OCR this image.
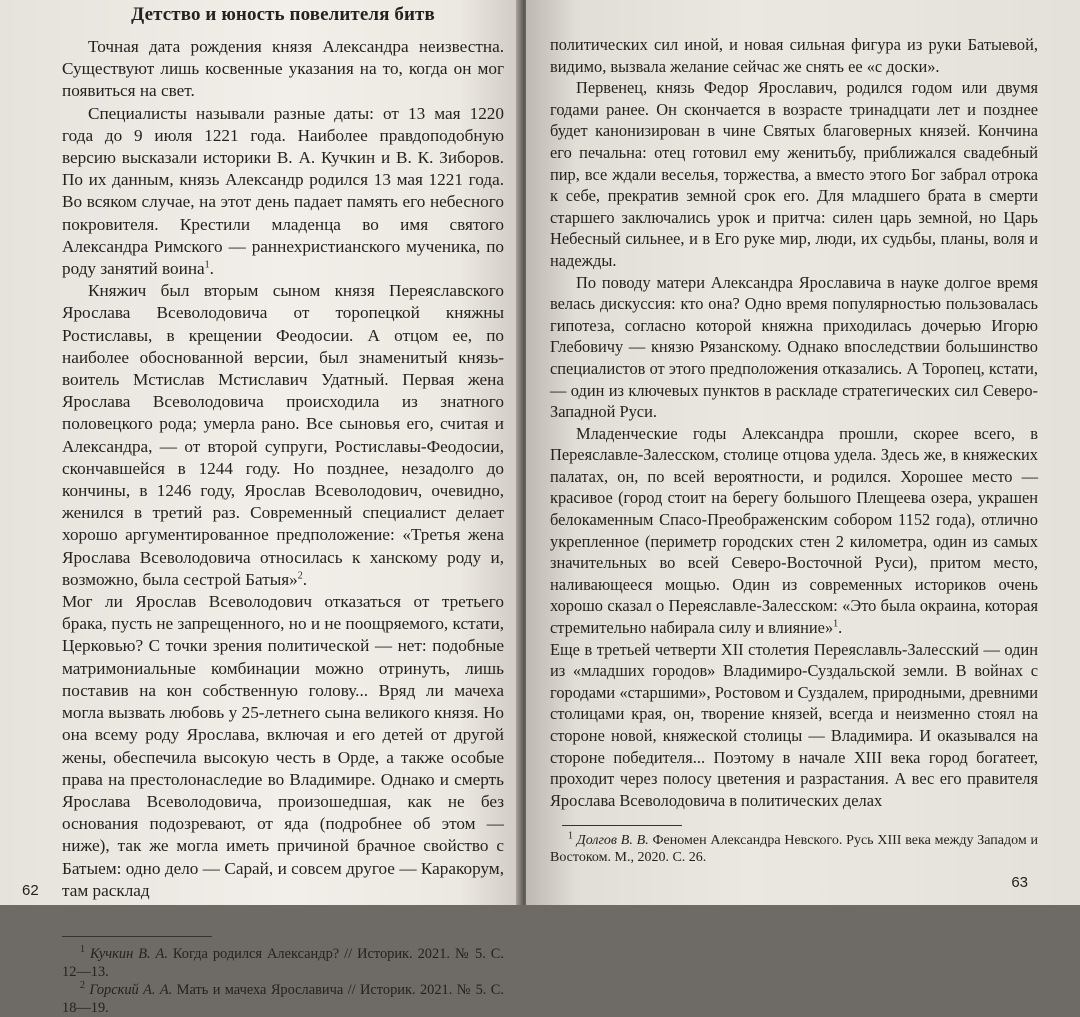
Детство и юность повелителя битв

Точная дата рождения князя Александра неизвестна. Существуют лишь косвенные указания на то, когда он мог появиться на свет.

Специалисты называли разные даты: от 13 мая 1220 года до 9 июля 1221 года. Наиболее правдоподобную версию высказали историки В. А. Кучкин и В. К. Зиборов. По их данным, князь Александр родился 13 мая 1221 года. Во всяком случае, на этот день падает память его небесного покровителя. Крестили младенца во имя святого Александра Римского — раннехристианского мученика, по роду занятий воина$^1$.

Княжич был вторым сыном князя Переяславского Ярослава Всеволодовича от торопецкой княжны Ростиславы, в крещении Феодосии. А отцом ее, по наиболее обоснованной версии, был знаменитый князь-воитель Мстислав Мстиславич Удатный. Первая жена Ярослава Всеволодовича происходила из знатного половецкого рода; умерла рано. Все сыновья его, считая и Александра, — от второй супруги, Ростиславы-Феодосии, скончавшейся в 1244 году. Но позднее, незадолго до кончины, в 1246 году, Ярослав Всеволодович, очевидно, женился в третий раз. Современный специалист делает хорошо аргументированное предположение: «Третья жена Ярослава Всеволодовича относилась к ханскому роду и, возможно, была сестрой Батыя»$^2$.

Мог ли Ярослав Всеволодович отказаться от третьего брака, пусть не запрещенного, но и не поощряемого, кстати, Церковью? С точки зрения политической — нет: подобные матримониальные комбинации можно отринуть, лишь поставив на кон собственную голову... Вряд ли мачеха могла вызвать любовь у 25-летнего сына великого князя. Но она всему роду Ярослава, включая и его детей от другой жены, обеспечила высокую честь в Орде, а также особые права на престолонаследие во Владимире. Однако и смерть Ярослава Всеволодовича, произошедшая, как не без основания подозревают, от яда (подробнее об этом — ниже), так же могла иметь причиной брачное свойство с Батыем: одно дело — Сарай, и совсем другое — Каракорум, там расклад

$^1$ Кучкин В. А. Когда родился Александр? // Историк. 2021. № 5. С. 12—13.

$^2$ Горский А. А. Мать и мачеха Ярославича // Историк. 2021. № 5. С. 18—19.

62

политических сил иной, и новая сильная фигура из руки Батыевой, видимо, вызвала желание сейчас же снять ее «с доски».

Первенец, князь Федор Ярославич, родился годом или двумя годами ранее. Он скончается в возрасте тринадцати лет и позднее будет канонизирован в чине Святых благоверных князей. Кончина его печальна: отец готовил ему женитьбу, приближался свадебный пир, все ждали веселья, торжества, а вместо этого Бог забрал отрока к себе, прекратив земной срок его. Для младшего брата в смерти старшего заключались урок и притча: силен царь земной, но Царь Небесный сильнее, и в Его руке мир, люди, их судьбы, планы, воля и надежды.

По поводу матери Александра Ярославича в науке долгое время велась дискуссия: кто она? Одно время популярностью пользовалась гипотеза, согласно которой княжна приходилась дочерью Игорю Глебовичу — князю Рязанскому. Однако впоследствии большинство специалистов от этого предположения отказались. А Торопец, кстати, — один из ключевых пунктов в раскладе стратегических сил Северо-Западной Руси.

Младенческие годы Александра прошли, скорее всего, в Переяславле-Залесском, столице отцова удела. Здесь же, в княжеских палатах, он, по всей вероятности, и родился. Хорошее место — красивое (город стоит на берегу большого Плещеева озера, украшен белокаменным Спасо-Преображенским собором 1152 года), отлично укрепленное (периметр городских стен 2 километра, один из самых значительных во всей Северо-Восточной Руси), притом место, наливающееся мощью. Один из современных историков очень хорошо сказал о Переяславле-Залесском: «Это была окраина, которая стремительно набирала силу и влияние»$^1$.

Еще в третьей четверти XII столетия Переяславль-Залесский — один из «младших городов» Владимиро-Суздальской земли. В войнах с городами «старшими», Ростовом и Суздалем, природными, древними столицами края, он, творение князей, всегда и неизменно стоял на стороне новой, княжеской столицы — Владимира. И оказывался на стороне победителя... Поэтому в начале XIII века город богатеет, проходит через полосу цветения и разрастания. А вес его правителя Ярослава Всеволодовича в политических делах

$^1$ Долгов В. В. Феномен Александра Невского. Русь XIII века между Западом и Востоком. М., 2020. С. 26.

63
